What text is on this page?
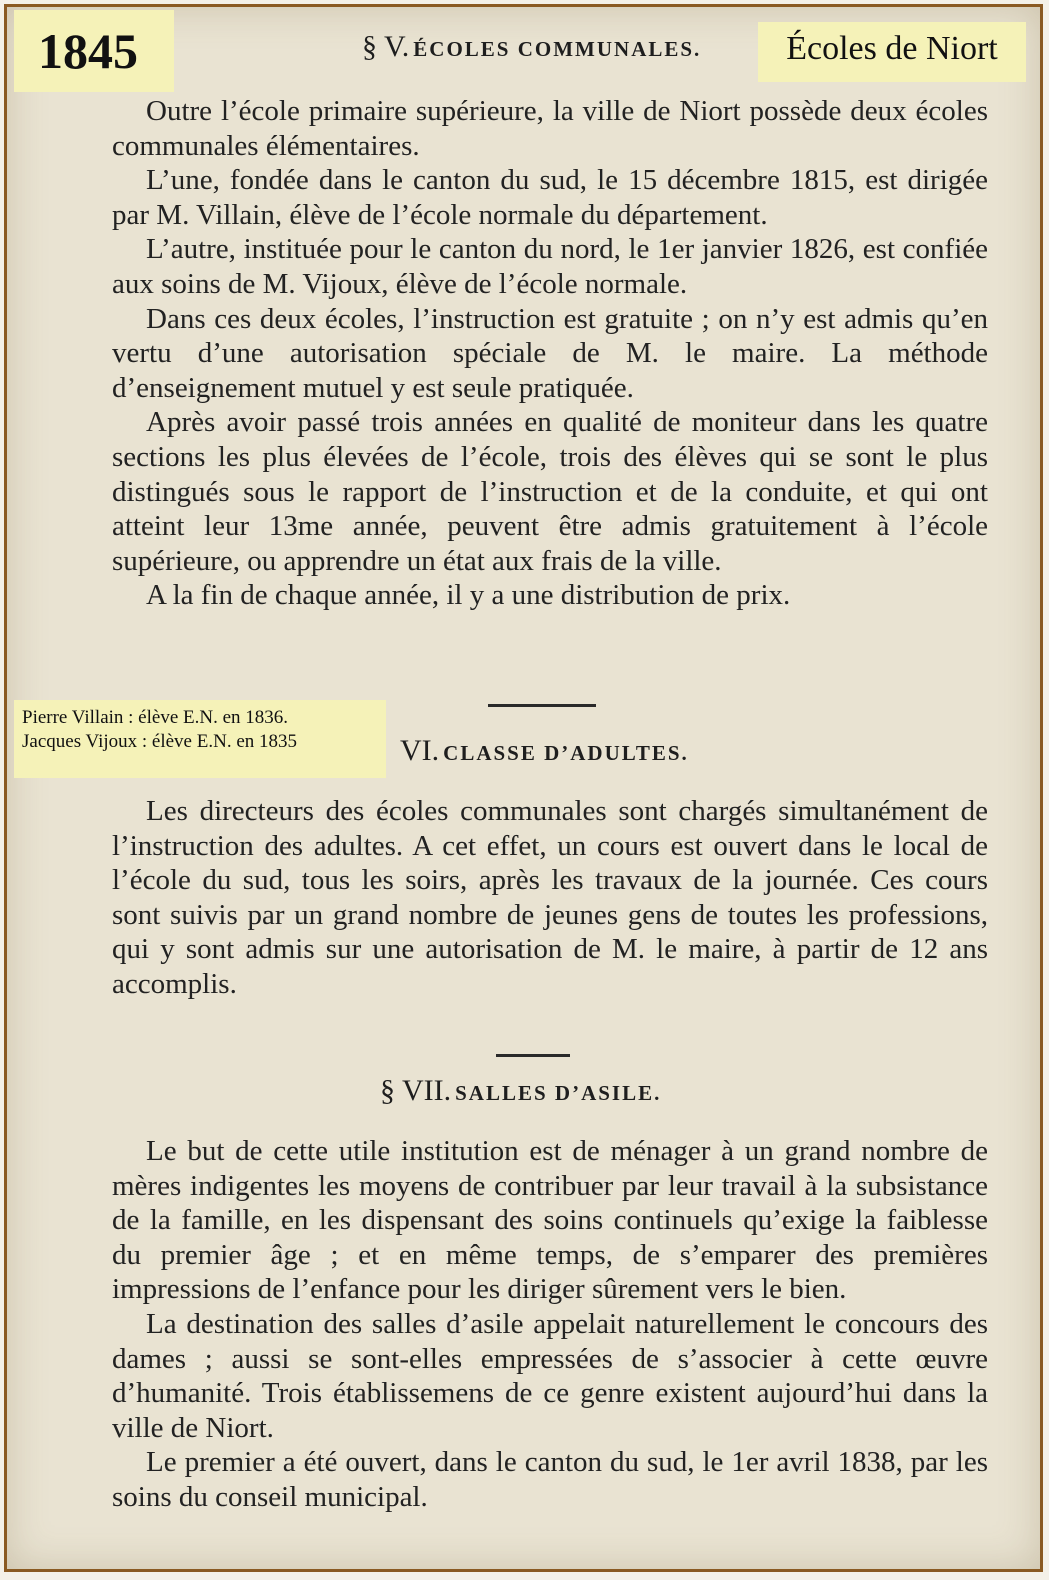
1845	§ V. ÉCOLES COMMUNALES.	Écoles de Niort

Outre l’école primaire supérieure, la ville de Niort possède deux écoles communales élémentaires.

L’une, fondée dans le canton du sud, le 15 décembre 1815, est dirigée par M. Villain, élève de l’école normale du département.

L’autre, instituée pour le canton du nord, le 1er janvier 1826, est confiée aux soins de M. Vijoux, élève de l’école normale.

Dans ces deux écoles, l’instruction est gratuite ; on n’y est admis qu’en vertu d’une autorisation spéciale de M. le maire. La méthode d’enseignement mutuel y est seule pratiquée.

Après avoir passé trois années en qualité de moniteur dans les quatre sections les plus élevées de l’école, trois des élèves qui se sont le plus distingués sous le rapport de l’instruction et de la conduite, et qui ont atteint leur 13me année, peuvent être admis gratuitement à l’école supérieure, ou apprendre un état aux frais de la ville.

A la fin de chaque année, il y a une distribution de prix.

Pierre Villain : élève E.N. en 1836.
Jacques Vijoux : élève E.N. en 1835	VI. CLASSE D’ADULTES.

Les directeurs des écoles communales sont chargés simultanément de l’instruction des adultes. A cet effet, un cours est ouvert dans le local de l’école du sud, tous les soirs, après les travaux de la journée. Ces cours sont suivis par un grand nombre de jeunes gens de toutes les professions, qui y sont admis sur une autorisation de M. le maire, à partir de 12 ans accomplis.

§ VII. SALLES D’ASILE.

Le but de cette utile institution est de ménager à un grand nombre de mères indigentes les moyens de contribuer par leur travail à la subsistance de la famille, en les dispensant des soins continuels qu’exige la faiblesse du premier âge ; et en même temps, de s’emparer des premières impressions de l’enfance pour les diriger sûrement vers le bien.

La destination des salles d’asile appelait naturellement le concours des dames ; aussi se sont-elles empressées de s’associer à cette œuvre d’humanité. Trois établissemens de ce genre existent aujourd’hui dans la ville de Niort.

Le premier a été ouvert, dans le canton du sud, le 1er avril 1838, par les soins du conseil municipal.
